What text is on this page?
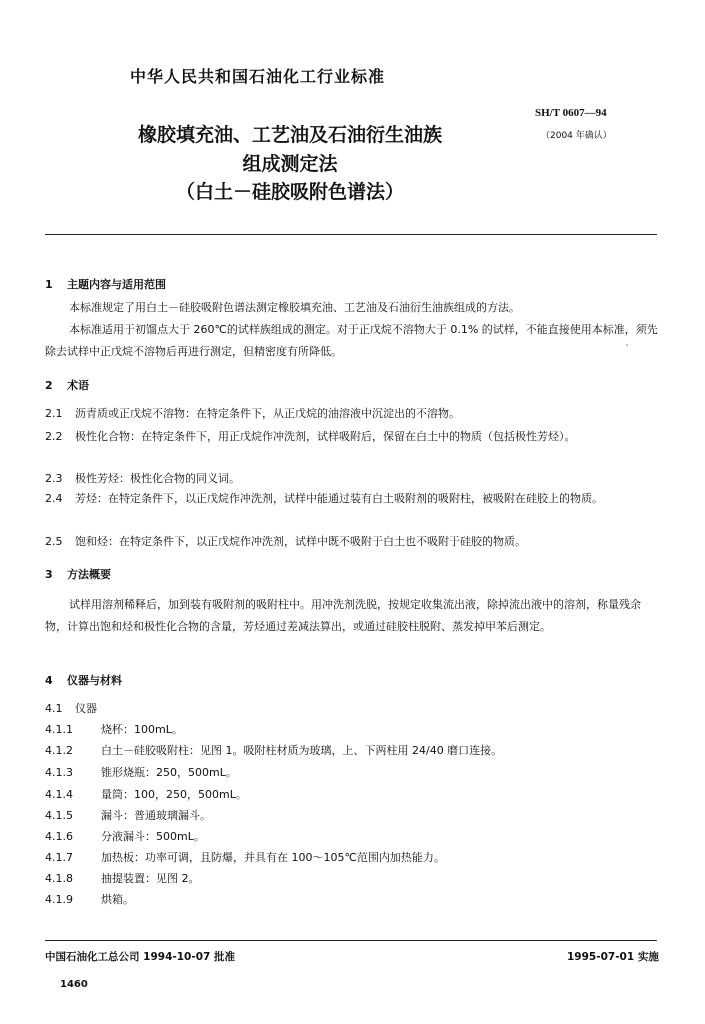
中华人民共和国石油化工行业标准
SH/T 0607—94
（2004 年确认）
橡胶填充油、工艺油及石油衍生油族
组成测定法
（白土－硅胶吸附色谱法）
1 主题内容与适用范围
本标准规定了用白土－硅胶吸附色谱法测定橡胶填充油、工艺油及石油衍生油族组成的方法。
本标准适用于初馏点大于 260℃的试样族组成的测定。对于正戊烷不溶物大于 0.1% 的试样，不能直接使用本标准，须先除去试样中正戊烷不溶物后再进行测定，但精密度有所降低。	'
2 术语
2.1 沥青质或正戊烷不溶物：在特定条件下，从正戊烷的油溶液中沉淀出的不溶物。
2.2 极性化合物：在特定条件下，用正戊烷作冲洗剂，试样吸附后，保留在白土中的物质（包括极性芳烃）。
2.3 极性芳烃：极性化合物的同义词。
2.4 芳烃：在特定条件下，以正戊烷作冲洗剂，试样中能通过装有白土吸附剂的吸附柱，被吸附在硅胶上的物质。
2.5 饱和烃：在特定条件下，以正戊烷作冲洗剂，试样中既不吸附于白土也不吸附于硅胶的物质。
3 方法概要
试样用溶剂稀释后，加到装有吸附剂的吸附柱中。用冲洗剂洗脱，按规定收集流出液，除掉流出液中的溶剂，称量残余物，计算出饱和烃和极性化合物的含量，芳烃通过差减法算出，或通过硅胶柱脱附、蒸发掉甲苯后测定。
4 仪器与材料
4.1 仪器
4.1.1	烧杯：100mL。
4.1.2	白土－硅胶吸附柱：见图 1。吸附柱材质为玻璃，上、下两柱用 24/40 磨口连接。
4.1.3	锥形烧瓶：250，500mL。
4.1.4	量筒：100，250，500mL。
4.1.5	漏斗：普通玻璃漏斗。
4.1.6	分液漏斗：500mL。
4.1.7	加热板：功率可调，且防爆，并具有在 100～105℃范围内加热能力。
4.1.8	抽提装置：见图 2。
4.1.9	烘箱。
中国石油化工总公司 1994-10-07 批准	1995-07-01 实施
1460
